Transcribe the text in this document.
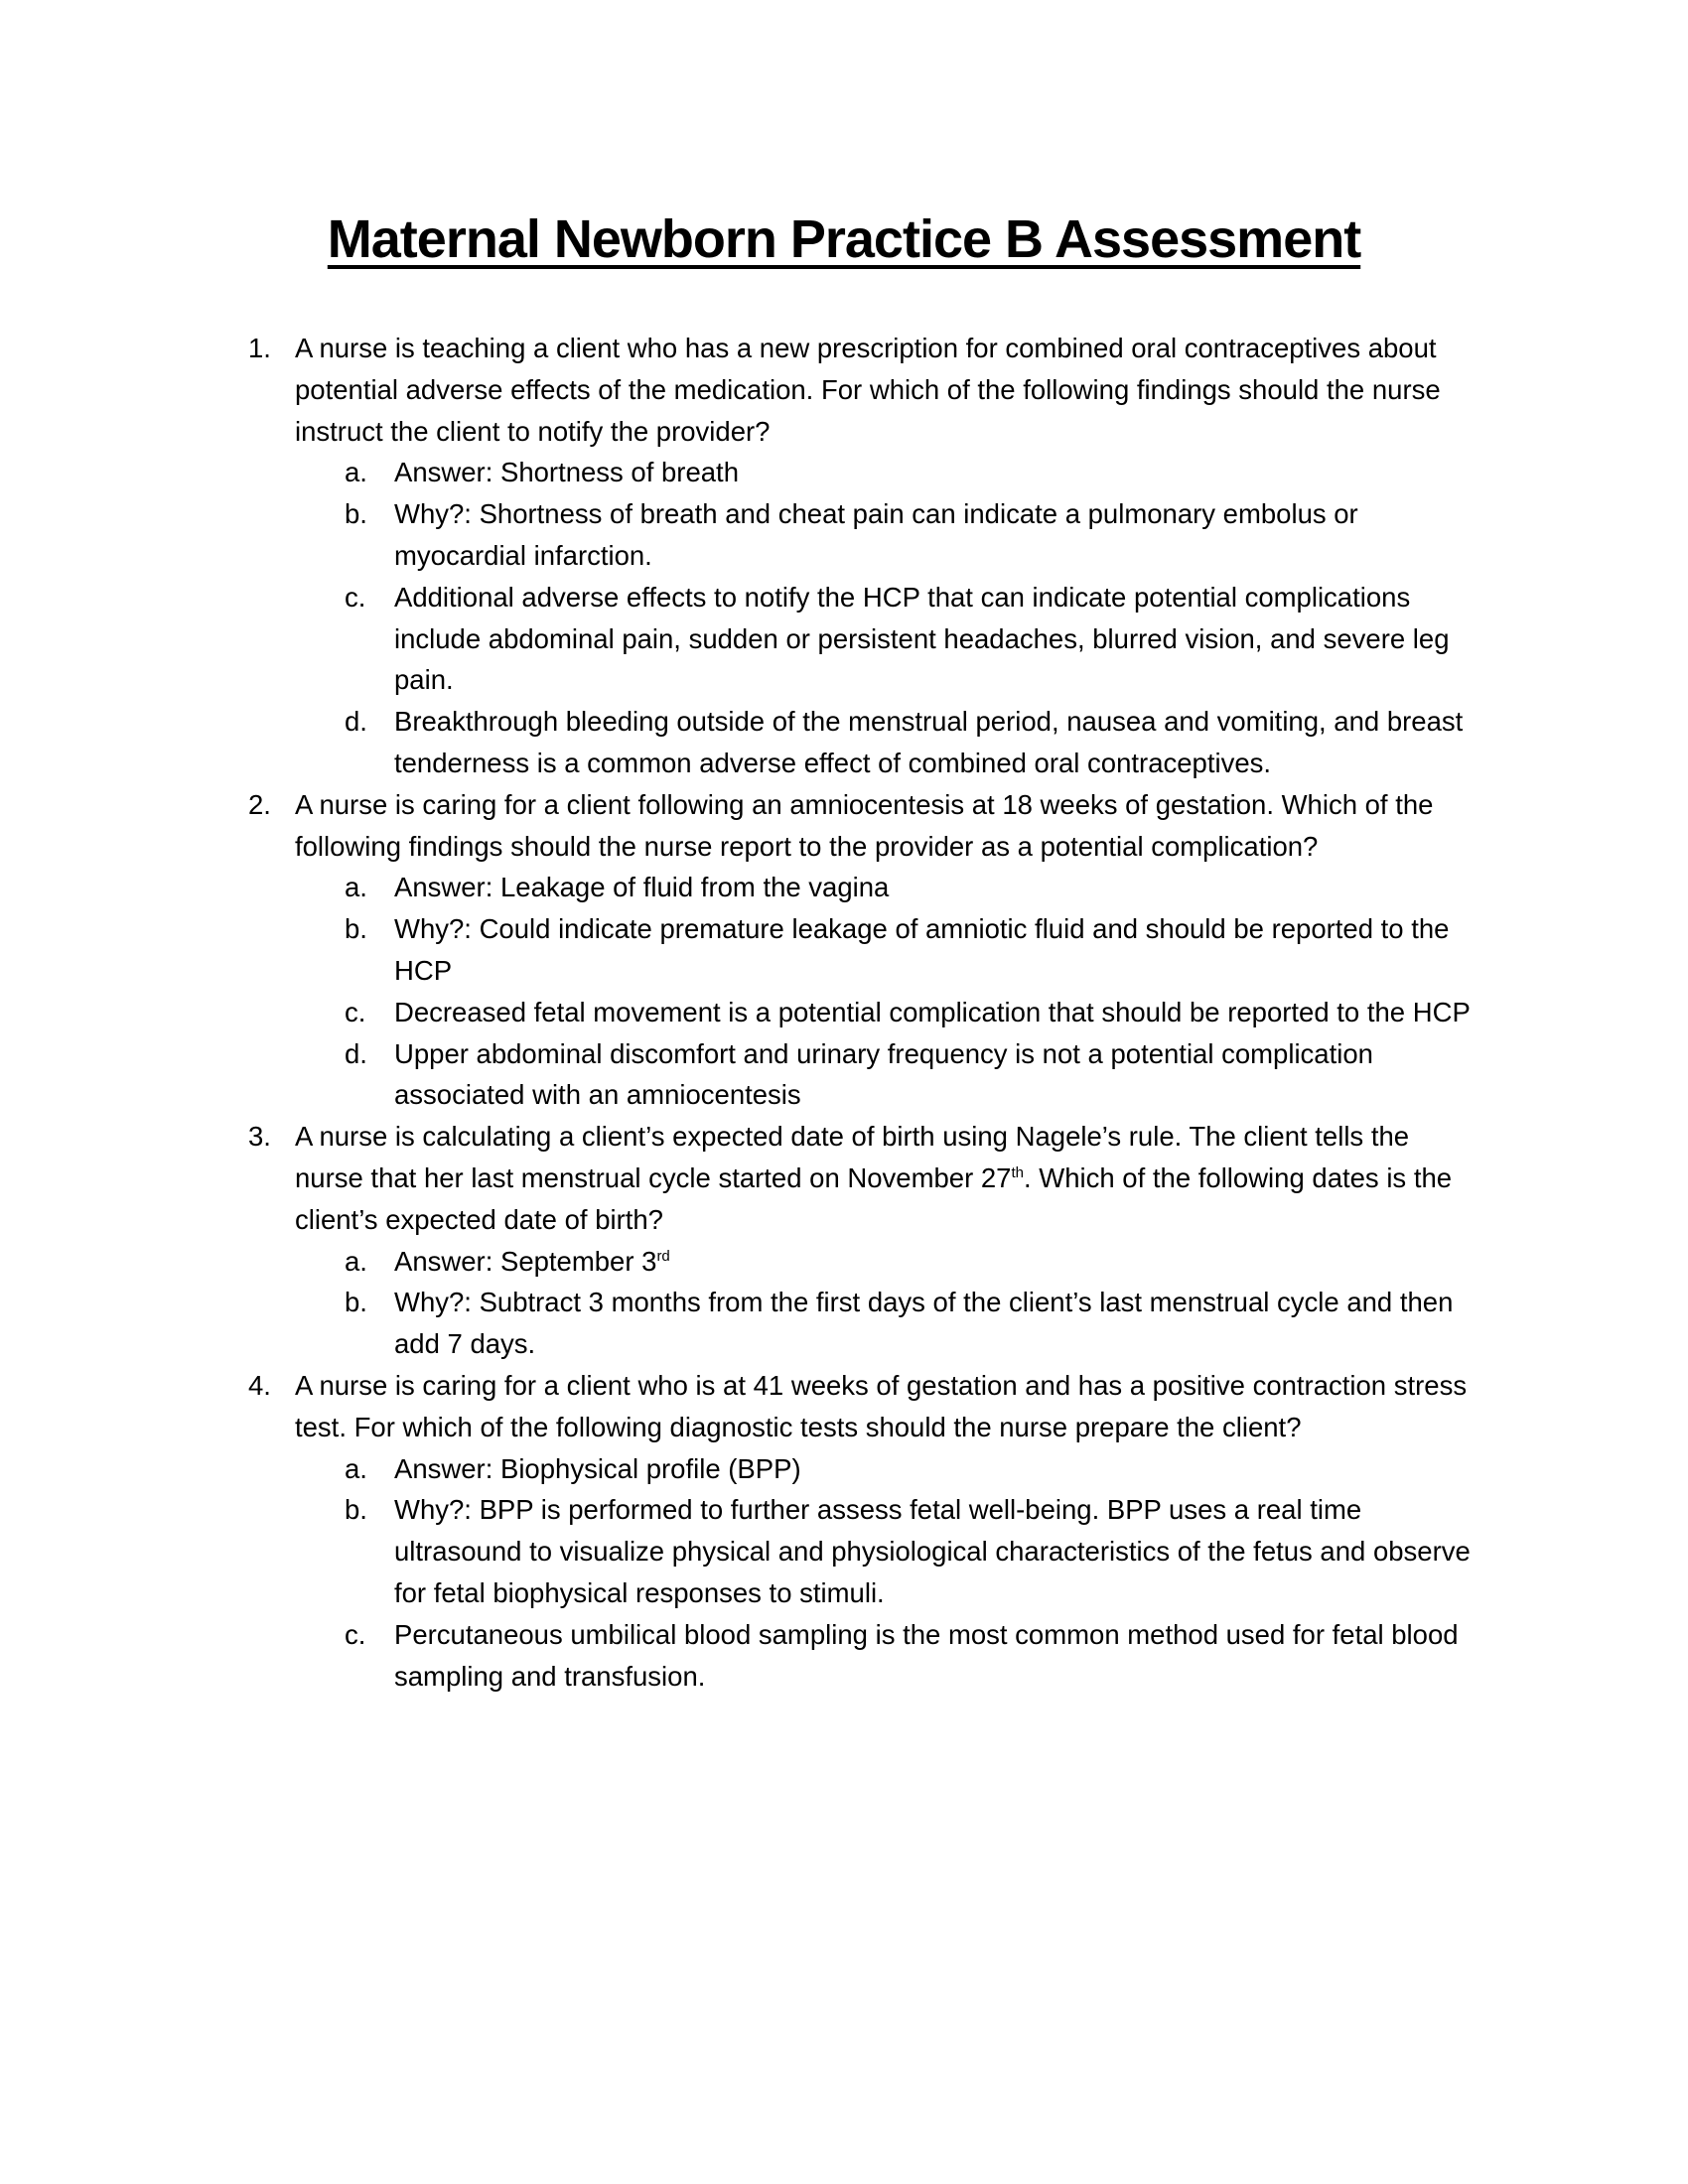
Maternal Newborn Practice B Assessment
1. A nurse is teaching a client who has a new prescription for combined oral contraceptives about potential adverse effects of the medication. For which of the following findings should the nurse instruct the client to notify the provider?
a. Answer: Shortness of breath
b. Why?: Shortness of breath and cheat pain can indicate a pulmonary embolus or myocardial infarction.
c. Additional adverse effects to notify the HCP that can indicate potential complications include abdominal pain, sudden or persistent headaches, blurred vision, and severe leg pain.
d. Breakthrough bleeding outside of the menstrual period, nausea and vomiting, and breast tenderness is a common adverse effect of combined oral contraceptives.
2. A nurse is caring for a client following an amniocentesis at 18 weeks of gestation. Which of the following findings should the nurse report to the provider as a potential complication?
a. Answer: Leakage of fluid from the vagina
b. Why?: Could indicate premature leakage of amniotic fluid and should be reported to the HCP
c. Decreased fetal movement is a potential complication that should be reported to the HCP
d. Upper abdominal discomfort and urinary frequency is not a potential complication associated with an amniocentesis
3. A nurse is calculating a client’s expected date of birth using Nagele’s rule. The client tells the nurse that her last menstrual cycle started on November 27th. Which of the following dates is the client’s expected date of birth?
a. Answer: September 3rd
b. Why?: Subtract 3 months from the first days of the client’s last menstrual cycle and then add 7 days.
4. A nurse is caring for a client who is at 41 weeks of gestation and has a positive contraction stress test. For which of the following diagnostic tests should the nurse prepare the client?
a. Answer: Biophysical profile (BPP)
b. Why?: BPP is performed to further assess fetal well-being. BPP uses a real time ultrasound to visualize physical and physiological characteristics of the fetus and observe for fetal biophysical responses to stimuli.
c. Percutaneous umbilical blood sampling is the most common method used for fetal blood sampling and transfusion.
